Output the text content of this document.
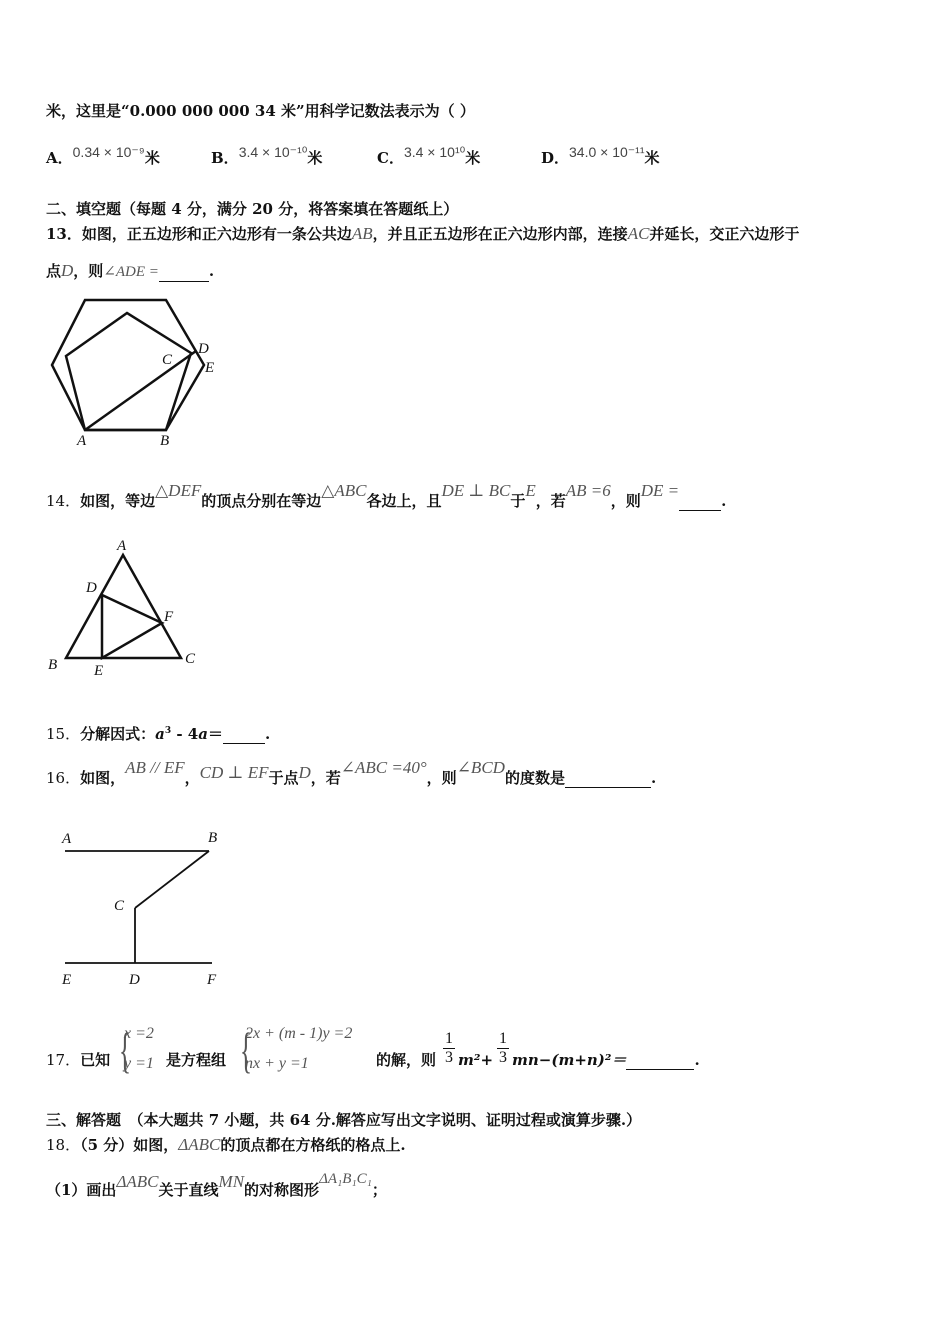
米，这里是“0.000 000 000 34 米”用科学记数法表示为（ ）
A．0.34 × 10⁻⁹米	B．3.4 × 10⁻¹⁰米	C．3.4 × 10¹⁰米	D．34.0 × 10⁻¹¹米
二、填空题（每题 4 分，满分 20 分，将答案填在答题纸上）
13．如图，正五边形和正六边形有一条公共边AB，并且正五边形在正六边形内部，连接AC并延长，交正六边形于
点D，则∠ADE =	.
A	B
C
D
E
14．如图，等边△DEF的顶点分别在等边△ABC各边上，且DE ⊥ BC于E，若AB =6，则DE =.
A
B	C
D
E
F
15．分解因式：$a^3 - 4a=$	.
16．如图，AB // EF，CD ⊥ EF于点D，若∠ABC =40°，则∠BCD的度数是	.
A	B
C
D
E	F
17．已知 {
x =2
y =1 是方程组 {
2x + (m - 1)y =2
nx + y =1	的解，则 $\frac{1}{3} m^2+ \frac{1}{3} mn-(m+n)^2=$	.
三、解答题　（本大题共 7 小题，共 64 分.解答应写出文字说明、证明过程或演算步骤.）
18．（5 分）如图，ΔABC的顶点都在方格纸的格点上.
（1）画出ΔABC关于直线MN的对称图形ΔA₁B₁C₁；
